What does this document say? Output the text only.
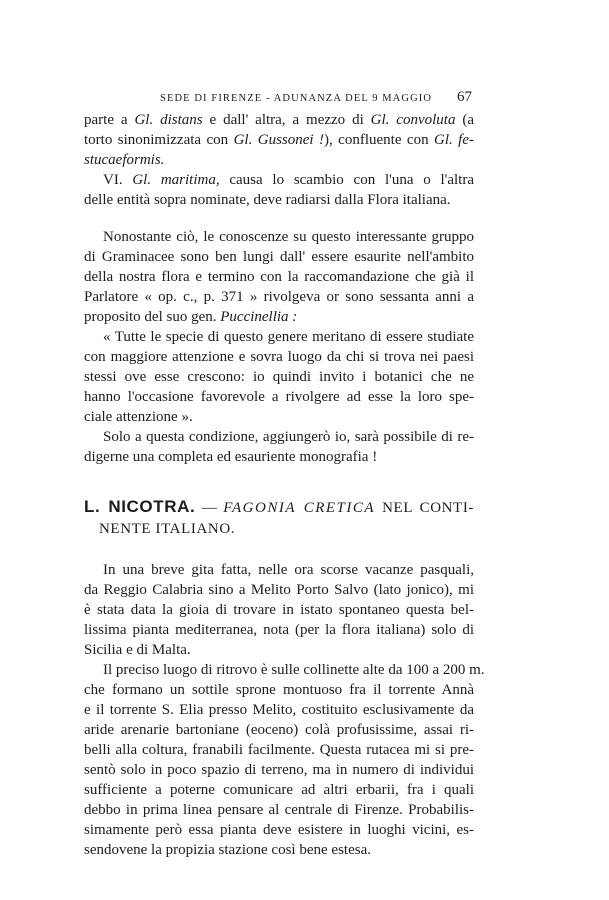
SEDE DI FIRENZE - ADUNANZA DEL 9 MAGGIO 67
parte a Gl. distans e dall' altra, a mezzo di Gl. convoluta (a
torto sinonimizzata con Gl. Gussonei !), confluente con Gl. fe-
stucaeformis.
VI. Gl. maritima, causa lo scambio con l'una o l'altra
delle entità sopra nominate, deve radiarsi dalla Flora italiana.
Nonostante ciò, le conoscenze su questo interessante gruppo
di Graminacee sono ben lungi dall' essere esaurite nell'ambito
della nostra flora e termino con la raccomandazione che già il
Parlatore « op. c., p. 371 » rivolgeva or sono sessanta anni a
proposito del suo gen. Puccinellia :
« Tutte le specie di questo genere meritano di essere studiate
con maggiore attenzione e sovra luogo da chi si trova nei paesi
stessi ove esse crescono: io quindi invito i botanici che ne
hanno l'occasione favorevole a rivolgere ad esse la loro spe-
ciale attenzione ».
Solo a questa condizione, aggiungerò io, sarà possibile di re-
digerne una completa ed esauriente monografia !
L. NICOTRA. — FAGONIA CRETICA NEL CONTI-
NENTE ITALIANO.
In una breve gita fatta, nelle ora scorse vacanze pasquali,
da Reggio Calabria sino a Melito Porto Salvo (lato jonico), mi
è stata data la gioia di trovare in istato spontaneo questa bel-
lissima pianta mediterranea, nota (per la flora italiana) solo di
Sicilia e di Malta.
Il preciso luogo di ritrovo è sulle collinette alte da 100 a 200 m.
che formano un sottile sprone montuoso fra il torrente Annà
e il torrente S. Elia presso Melito, costituito esclusivamente da
aride arenarie bartoniane (eoceno) colà profusissime, assai ri-
belli alla coltura, franabili facilmente. Questa rutacea mi si pre-
sentò solo in poco spazio di terreno, ma in numero di individui
sufficiente a poterne comunicare ad altri erbarii, fra i quali
debbo in prima linea pensare al centrale di Firenze. Probabilis-
simamente però essa pianta deve esistere in luoghi vicini, es-
sendovene la propizia stazione così bene estesa.
